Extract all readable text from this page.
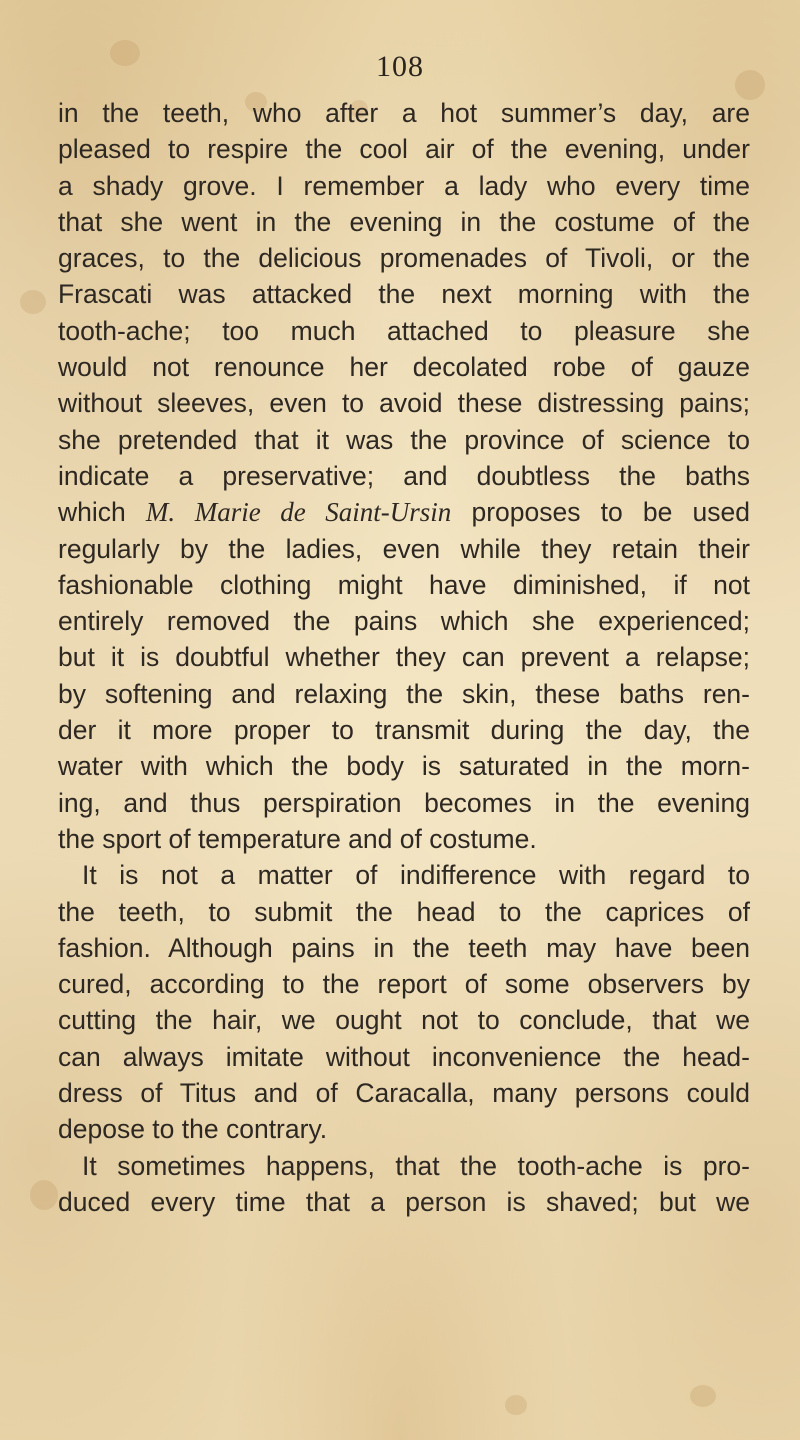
108
in the teeth, who after a hot summer’s day, are
pleased to respire the cool air of the evening, under
a shady grove. I remember a lady who every time
that she went in the evening in the costume of the
graces, to the delicious promenades of Tivoli, or the
Frascati was attacked the next morning with the
tooth-ache; too much attached to pleasure she
would not renounce her decolated robe of gauze
without sleeves, even to avoid these distressing pains;
she pretended that it was the province of science to
indicate a preservative; and doubtless the baths
which M. Marie de Saint-Ursin proposes to be used
regularly by the ladies, even while they retain their
fashionable clothing might have diminished, if not
entirely removed the pains which she experienced;
but it is doubtful whether they can prevent a relapse;
by softening and relaxing the skin, these baths ren-
der it more proper to transmit during the day, the
water with which the body is saturated in the morn-
ing, and thus perspiration becomes in the evening
the sport of temperature and of costume.
It is not a matter of indifference with regard to
the teeth, to submit the head to the caprices of
fashion. Although pains in the teeth may have been
cured, according to the report of some observers by
cutting the hair, we ought not to conclude, that we
can always imitate without inconvenience the head-
dress of Titus and of Caracalla, many persons could
depose to the contrary.
It sometimes happens, that the tooth-ache is pro-
duced every time that a person is shaved; but we
